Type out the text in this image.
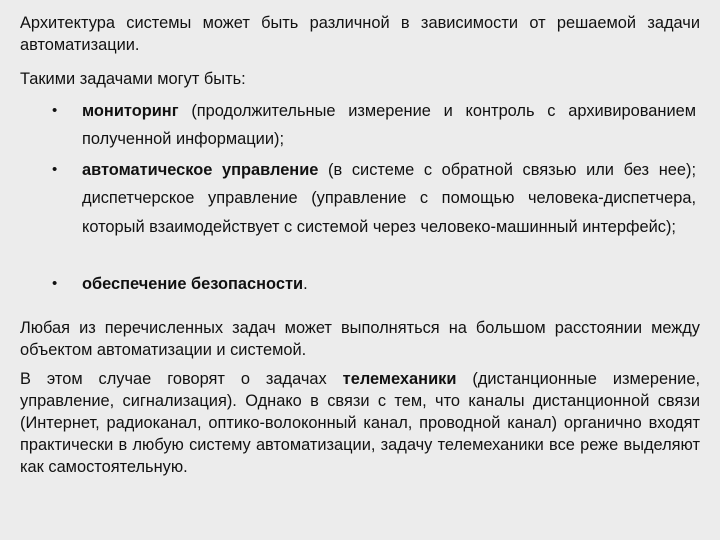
Архитектура системы может быть различной в зависимости от решаемой задачи автоматизации.
Такими задачами могут быть:
• мониторинг (продолжительные измерение и контроль с архивированием полученной информации);
• автоматическое управление (в системе с обратной связью или без нее); диспетчерское управление (управление с помощью человека-диспетчера, который взаимодействует с системой через человеко-машинный интерфейс);
• обеспечение безопасности.
Любая из перечисленных задач может выполняться на большом расстоянии между объектом автоматизации и системой.
В этом случае говорят о задачах телемеханики (дистанционные измерение, управление, сигнализация). Однако в связи с тем, что каналы дистанционной связи (Интернет, радиоканал, оптико-волоконный канал, проводной канал) органично входят практически в любую систему автоматизации, задачу телемеханики все реже выделяют как самостоятельную.
